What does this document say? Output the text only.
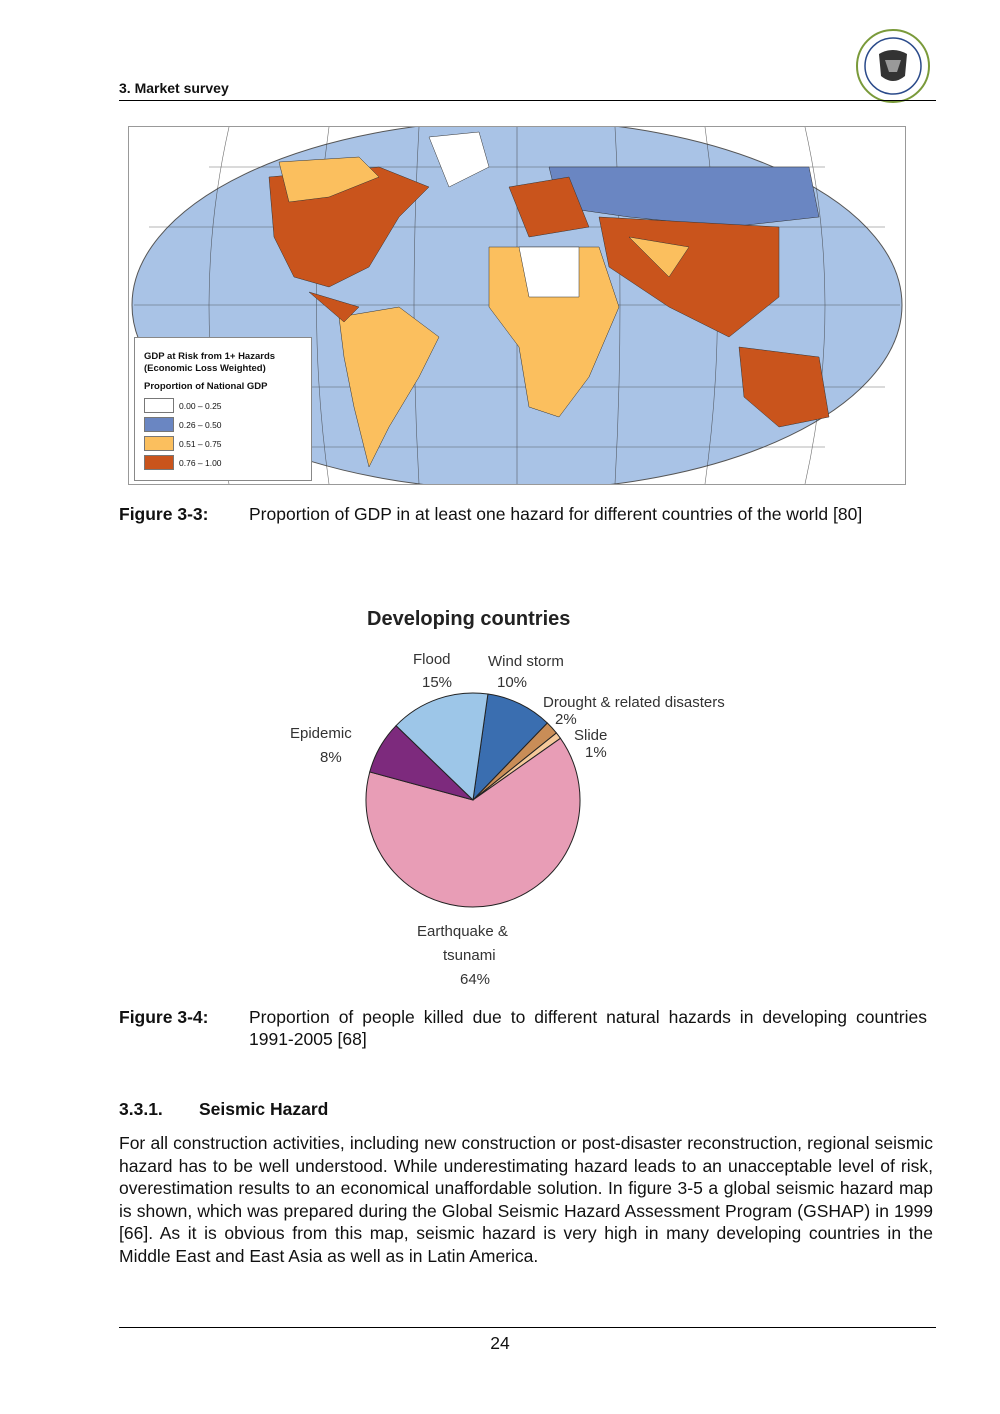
3. Market survey
GDP at Risk from 1+ Hazards
(Economic Loss Weighted)
Proportion of National GDP
0.00 – 0.25
0.26 – 0.50
0.51 – 0.75
0.76 – 1.00
Figure 3-3: Proportion of GDP in at least one hazard for different countries of the world [80]
Developing countries
Flood
15%
Wind storm
10%
Drought & related disasters
2%
Slide
1%
Epidemic
8%
Earthquake & tsunami
64%
Figure 3-4: Proportion of people killed due to different natural hazards in developing countries 1991-2005 [68]
3.3.1. Seismic Hazard
For all construction activities, including new construction or post-disaster reconstruction, regional seismic hazard has to be well understood. While underestimating hazard leads to an unacceptable level of risk, overestimation results to an economical unaffordable solution. In figure 3-5 a global seismic hazard map is shown, which was prepared during the Global Seismic Hazard Assessment Program (GSHAP) in 1999 [66]. As it is obvious from this map, seismic hazard is very high in many developing countries in the Middle East and East Asia as well as in Latin America.
24
